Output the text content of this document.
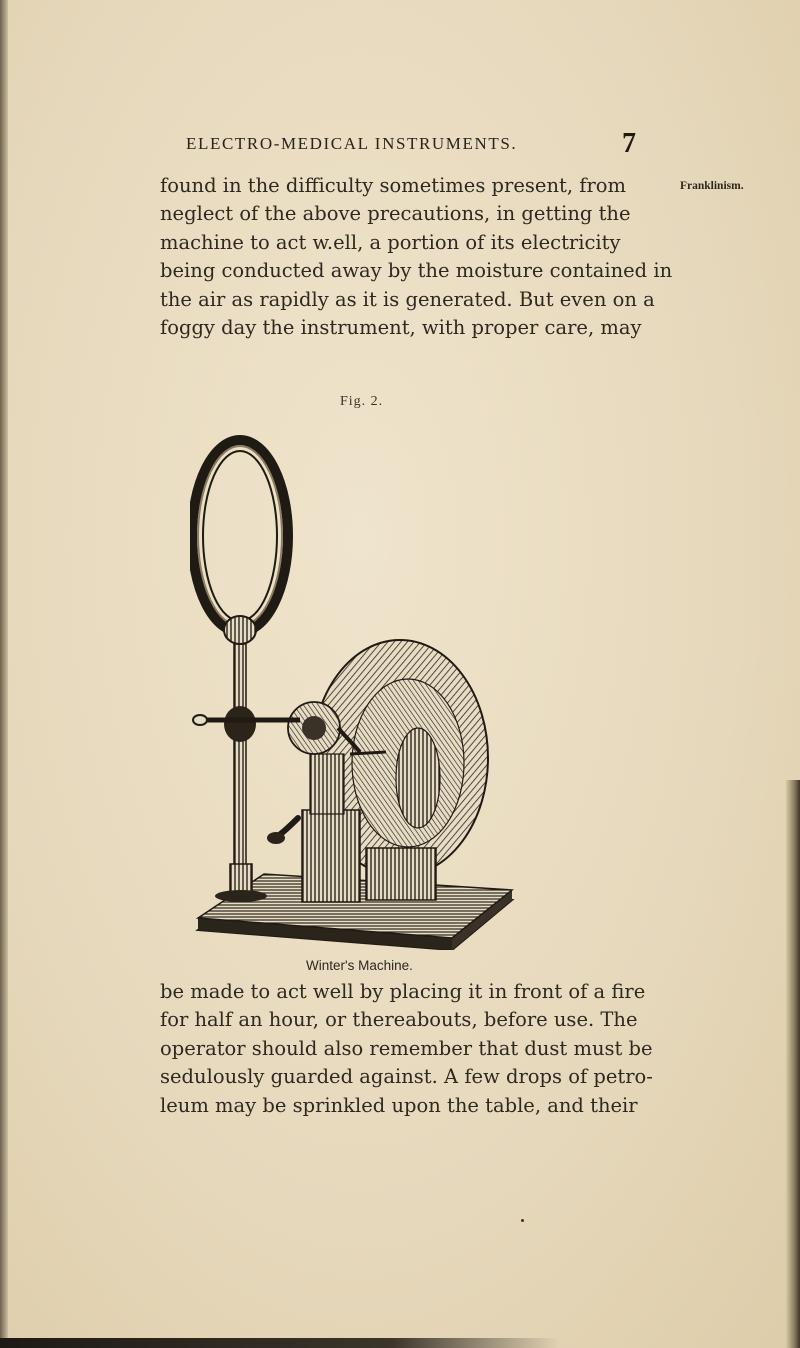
ELECTRO-MEDICAL INSTRUMENTS.	7
Franklinism.
found in the difficulty sometimes present, from
neglect of the above precautions, in getting the
machine to act w.ell, a portion of its electricity
being conducted away by the moisture contained in
the air as rapidly as it is generated. But even on a
foggy day the instrument, with proper care, may
Fig. 2.
Winter's Machine.
be made to act well by placing it in front of a fire
for half an hour, or thereabouts, before use. The
operator should also remember that dust must be
sedulously guarded against. A few drops of petro-
leum may be sprinkled upon the table, and their
